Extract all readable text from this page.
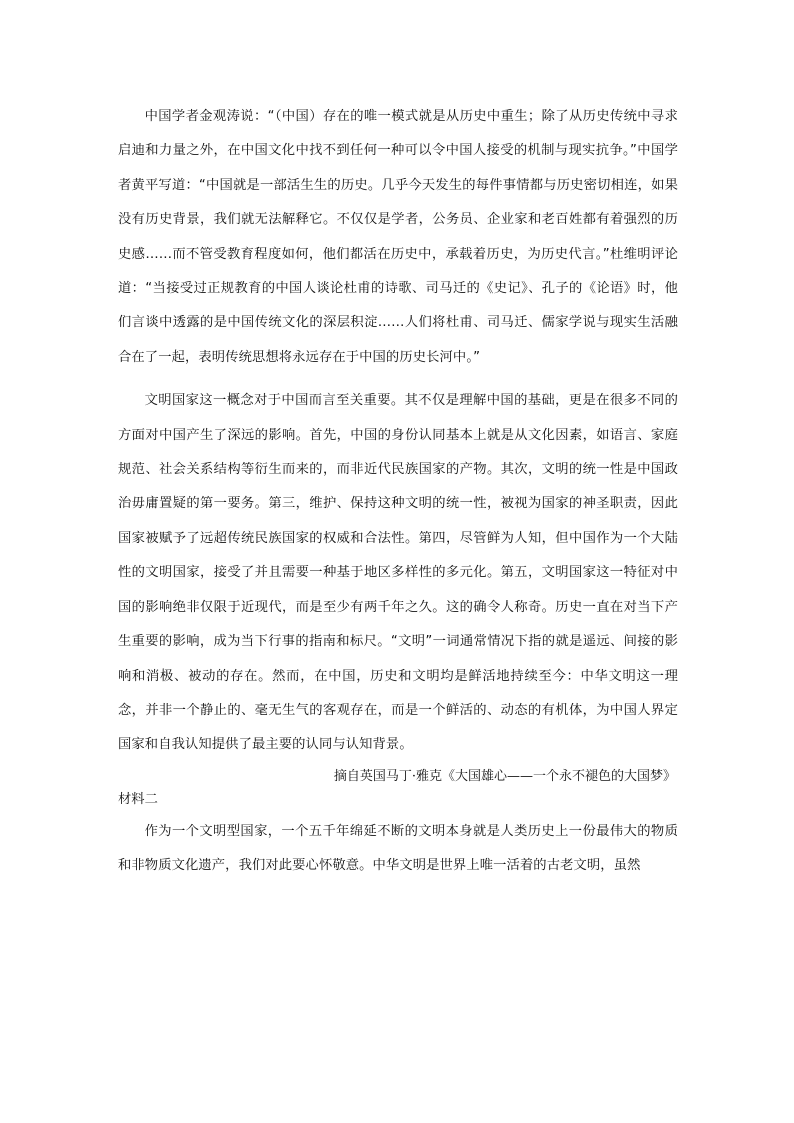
中国学者金观涛说：“（中国）存在的唯一模式就是从历史中重生；除了从历史传统中寻求启迪和力量之外，在中国文化中找不到任何一种可以令中国人接受的机制与现实抗争。”中国学者黄平写道：“中国就是一部活生生的历史。几乎今天发生的每件事情都与历史密切相连，如果没有历史背景，我们就无法解释它。不仅仅是学者，公务员、企业家和老百姓都有着强烈的历史感……而不管受教育程度如何，他们都活在历史中，承载着历史，为历史代言。”杜维明评论道：“当接受过正规教育的中国人谈论杜甫的诗歌、司马迁的《史记》、孔子的《论语》时，他们言谈中透露的是中国传统文化的深层积淀……人们将杜甫、司马迁、儒家学说与现实生活融合在了一起，表明传统思想将永远存在于中国的历史长河中。”

文明国家这一概念对于中国而言至关重要。其不仅是理解中国的基础，更是在很多不同的方面对中国产生了深远的影响。首先，中国的身份认同基本上就是从文化因素，如语言、家庭规范、社会关系结构等衍生而来的，而非近代民族国家的产物。其次，文明的统一性是中国政治毋庸置疑的第一要务。第三，维护、保持这种文明的统一性，被视为国家的神圣职责，因此国家被赋予了远超传统民族国家的权威和合法性。第四，尽管鲜为人知，但中国作为一个大陆性的文明国家，接受了并且需要一种基于地区多样性的多元化。第五，文明国家这一特征对中国的影响绝非仅限于近现代，而是至少有两千年之久。这的确令人称奇。历史一直在对当下产生重要的影响，成为当下行事的指南和标尺。“文明”一词通常情况下指的就是遥远、间接的影响和消极、被动的存在。然而，在中国，历史和文明均是鲜活地持续至今：中华文明这一理念，并非一个静止的、毫无生气的客观存在，而是一个鲜活的、动态的有机体，为中国人界定国家和自我认知提供了最主要的认同与认知背景。

摘自英国马丁·雅克《大国雄心——一个永不褪色的大国梦》

材料二

作为一个文明型国家，一个五千年绵延不断的文明本身就是人类历史上一份最伟大的物质和非物质文化遗产，我们对此要心怀敬意。中华文明是世界上唯一活着的古老文明，虽然
